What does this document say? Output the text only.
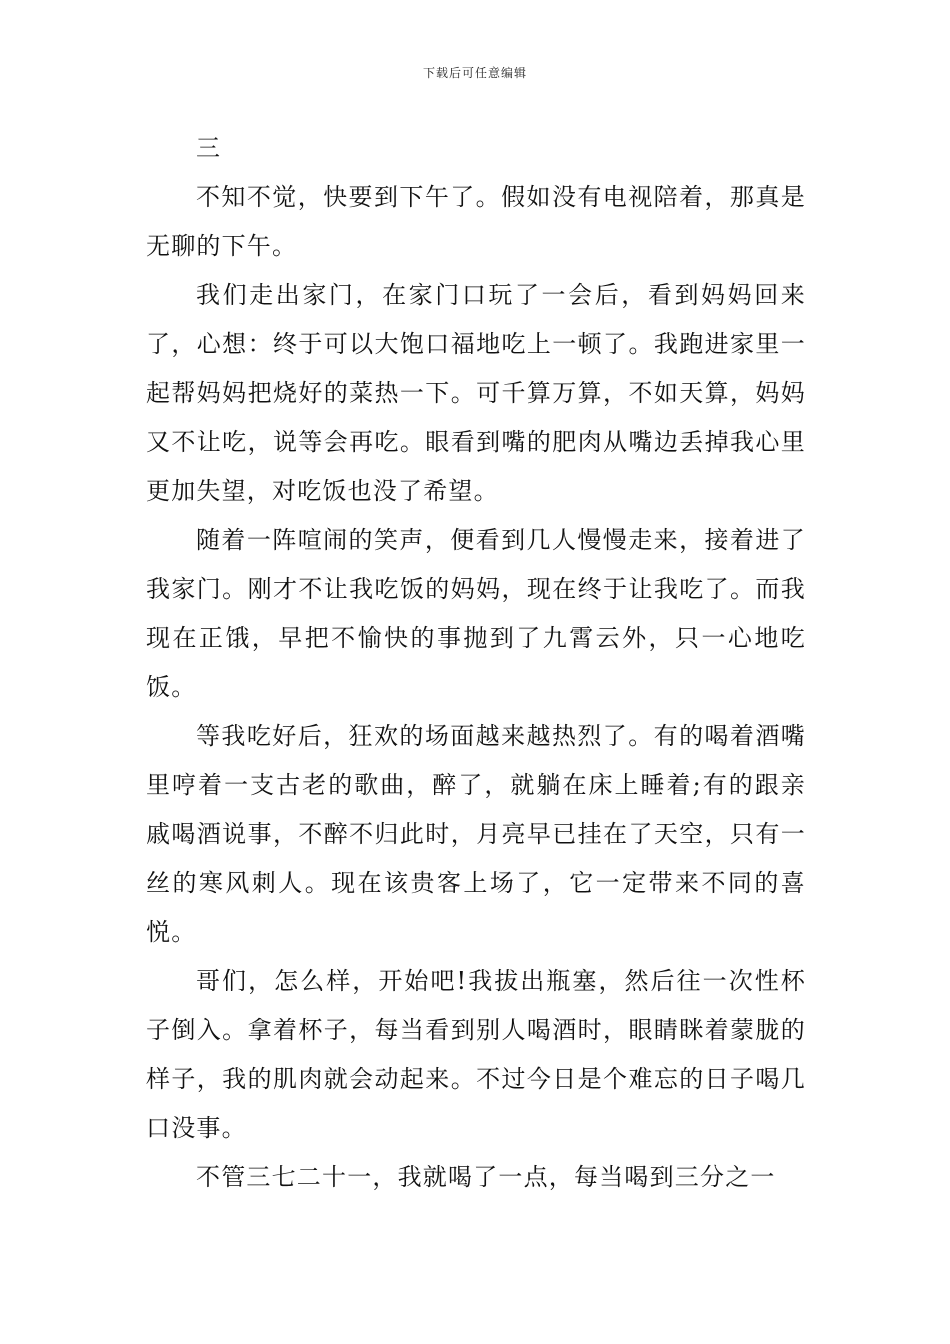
下载后可任意编辑

三

不知不觉，快要到下午了。假如没有电视陪着，那真是无聊的下午。

我们走出家门，在家门口玩了一会后，看到妈妈回来了，心想：终于可以大饱口福地吃上一顿了。我跑进家里一起帮妈妈把烧好的菜热一下。可千算万算，不如天算，妈妈又不让吃，说等会再吃。眼看到嘴的肥肉从嘴边丢掉我心里更加失望，对吃饭也没了希望。

随着一阵喧闹的笑声，便看到几人慢慢走来，接着进了我家门。刚才不让我吃饭的妈妈，现在终于让我吃了。而我现在正饿，早把不愉快的事抛到了九霄云外，只一心地吃饭。

等我吃好后，狂欢的场面越来越热烈了。有的喝着酒嘴里哼着一支古老的歌曲，醉了，就躺在床上睡着;有的跟亲戚喝酒说事，不醉不归此时，月亮早已挂在了天空，只有一丝的寒风刺人。现在该贵客上场了，它一定带来不同的喜悦。

哥们，怎么样，开始吧!我拔出瓶塞，然后往一次性杯子倒入。拿着杯子，每当看到别人喝酒时，眼睛眯着蒙胧的样子，我的肌肉就会动起来。不过今日是个难忘的日子喝几口没事。

不管三七二十一，我就喝了一点，每当喝到三分之一
